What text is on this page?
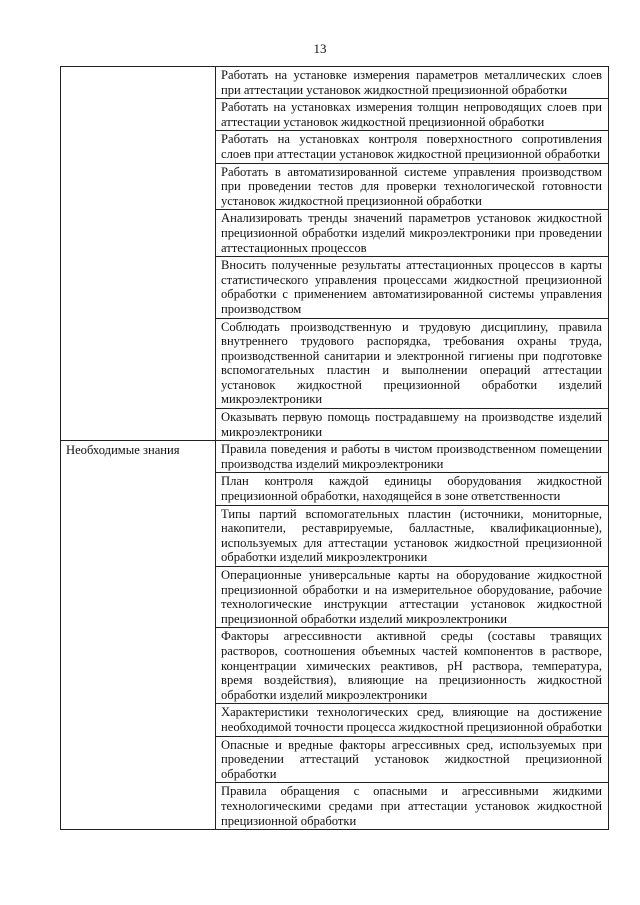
13
	Работать на установке измерения параметров металлических слоев при аттестации установок жидкостной прецизионной обработки
	Работать на установках измерения толщин непроводящих слоев при аттестации установок жидкостной прецизионной обработки
	Работать на установках контроля поверхностного сопротивления слоев при аттестации установок жидкостной прецизионной обработки
	Работать в автоматизированной системе управления производством при проведении тестов для проверки технологической готовности установок жидкостной прецизионной обработки
	Анализировать тренды значений параметров установок жидкостной прецизионной обработки изделий микроэлектроники при проведении аттестационных процессов
	Вносить полученные результаты аттестационных процессов в карты статистического управления процессами жидкостной прецизионной обработки с применением автоматизированной системы управления производством
	Соблюдать производственную и трудовую дисциплину, правила внутреннего трудового распорядка, требования охраны труда, производственной санитарии и электронной гигиены при подготовке вспомогательных пластин и выполнении операций аттестации установок жидкостной прецизионной обработки изделий микроэлектроники
	Оказывать первую помощь пострадавшему на производстве изделий микроэлектроники
Необходимые знания	Правила поведения и работы в чистом производственном помещении производства изделий микроэлектроники
	План контроля каждой единицы оборудования жидкостной прецизионной обработки, находящейся в зоне ответственности
	Типы партий вспомогательных пластин (источники, мониторные, накопители, реставрируемые, балластные, квалификационные), используемых для аттестации установок жидкостной прецизионной обработки изделий микроэлектроники
	Операционные универсальные карты на оборудование жидкостной прецизионной обработки и на измерительное оборудование, рабочие технологические инструкции аттестации установок жидкостной прецизионной обработки изделий микроэлектроники
	Факторы агрессивности активной среды (составы травящих растворов, соотношения объемных частей компонентов в растворе, концентрации химических реактивов, pH раствора, температура, время воздействия), влияющие на прецизионность жидкостной обработки изделий микроэлектроники
	Характеристики технологических сред, влияющие на достижение необходимой точности процесса жидкостной прецизионной обработки
	Опасные и вредные факторы агрессивных сред, используемых при проведении аттестаций установок жидкостной прецизионной обработки
	Правила обращения с опасными и агрессивными жидкими технологическими средами при аттестации установок жидкостной прецизионной обработки
